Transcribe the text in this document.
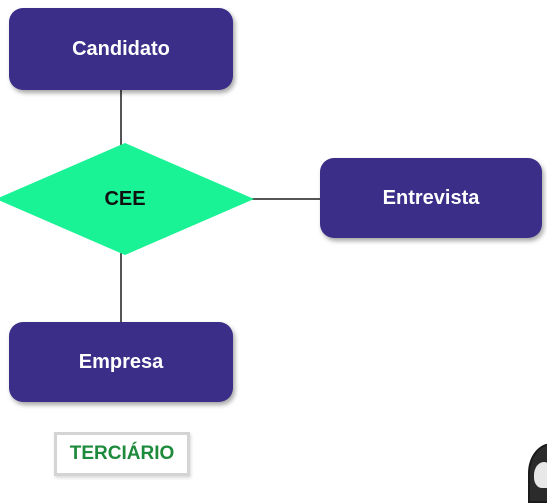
Candidato
Entrevista
Empresa
CEE
TERCIÁRIO
